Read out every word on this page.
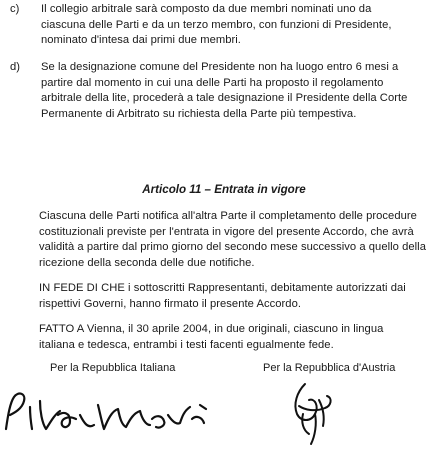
c) Il collegio arbitrale sarà composto da due membri nominati uno da
ciascuna delle Parti e da un terzo membro, con funzioni di Presidente,
nominato d'intesa dai primi due membri.
d) Se la designazione comune del Presidente non ha luogo entro 6 mesi a
partire dal momento in cui una delle Parti ha proposto il regolamento
arbitrale della lite, procederà a tale designazione il Presidente della Corte
Permanente di Arbitrato su richiesta della Parte più tempestiva.
Articolo 11 – Entrata in vigore
Ciascuna delle Parti notifica all'altra Parte il completamento delle procedure
costituzionali previste per l'entrata in vigore del presente Accordo, che avrà
validità a partire dal primo giorno del secondo mese successivo a quello della
ricezione della seconda delle due notifiche.
IN FEDE DI CHE i sottoscritti Rappresentanti, debitamente autorizzati dai
rispettivi Governi, hanno firmato il presente Accordo.
FATTO A Vienna, il 30 aprile 2004, in due originali, ciascuno in lingua
italiana e tedesca, entrambi i testi facenti egualmente fede.
Per la Repubblica Italiana	Per la Repubblica d'Austria
